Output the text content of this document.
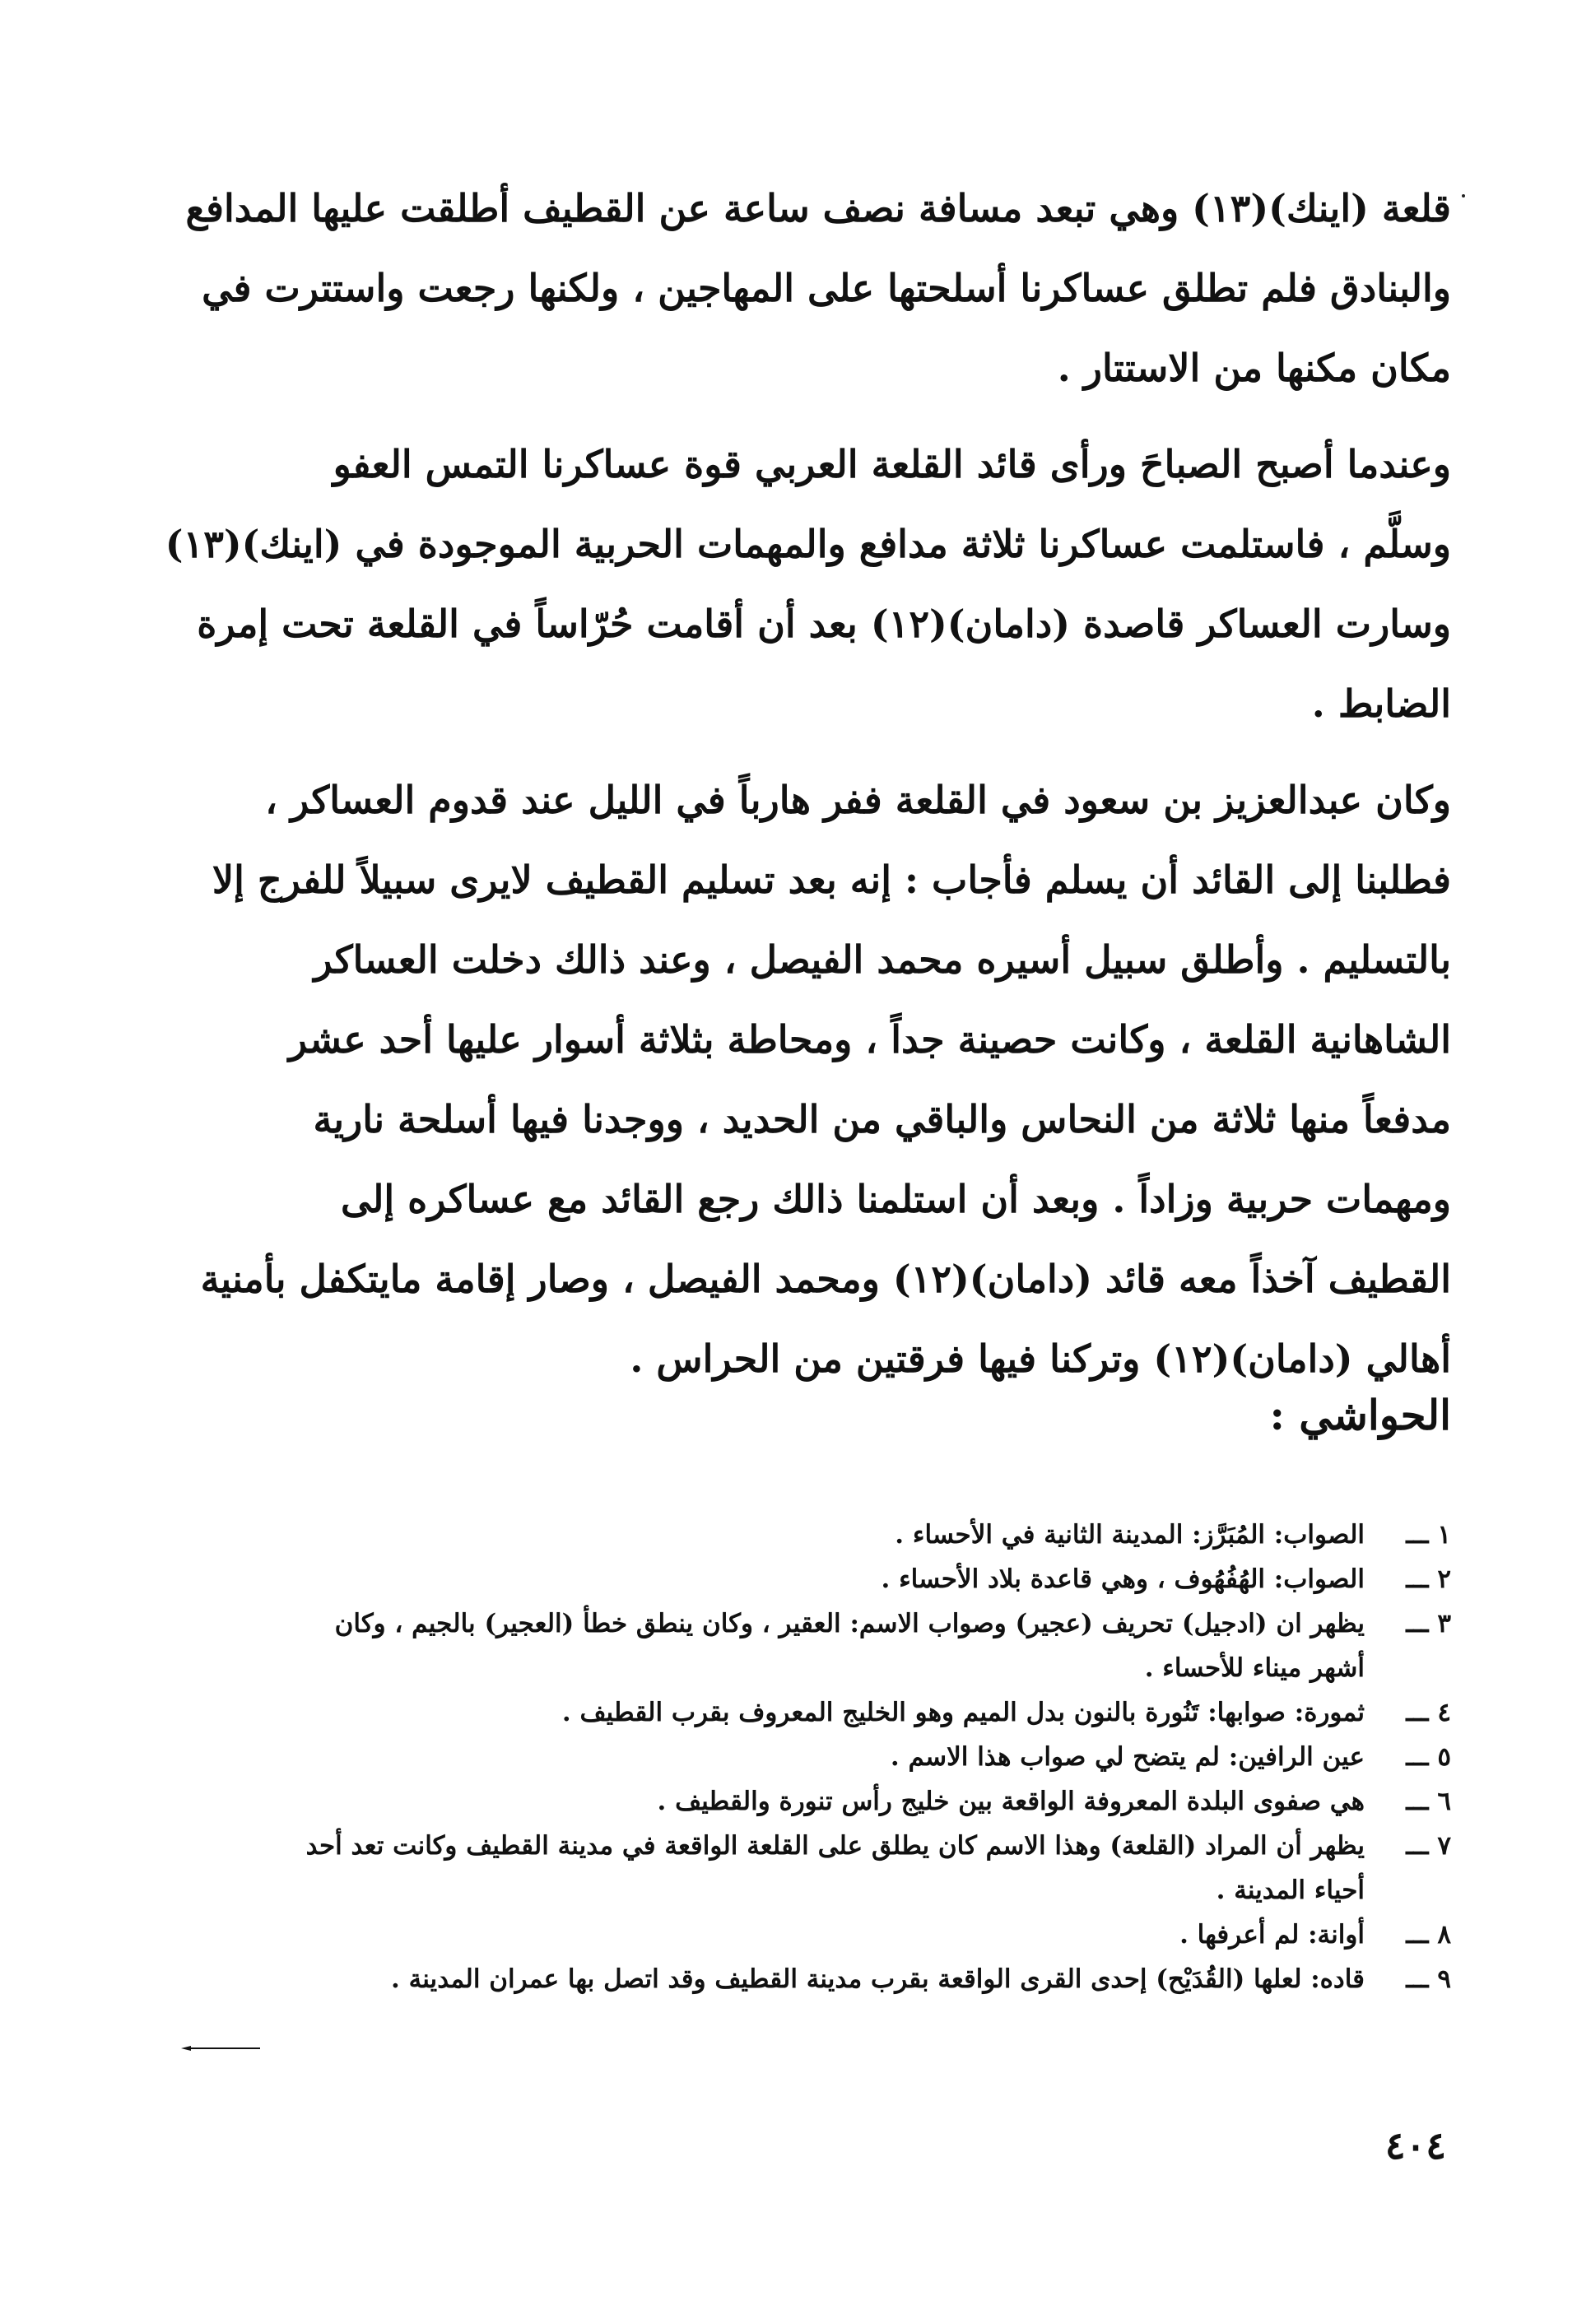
قلعة (اينك)(١٣) وهي تبعد مسافة نصف ساعة عن القطيف أطلقت عليها المدافع
والبنادق فلم تطلق عساكرنا أسلحتها على المهاجين ، ولكنها رجعت واستترت في
مكان مكنها من الاستتار .

وعندما أصبح الصباحَ ورأى قائد القلعة العربي قوة عساكرنا التمس العفو
وسلَّم ، فاستلمت عساكرنا ثلاثة مدافع والمهمات الحربية الموجودة في (اينك)(١٣)
وسارت العساكر قاصدة (دامان)(١٢) بعد أن أقامت حُرّاساً في القلعة تحت إمرة
الضابط .

وكان عبدالعزيز بن سعود في القلعة ففر هارباً في الليل عند قدوم العساكر ،
فطلبنا إلى القائد أن يسلم فأجاب : إنه بعد تسليم القطيف لايرى سبيلاً للفرج إلا
بالتسليم . وأطلق سبيل أسيره محمد الفيصل ، وعند ذالك دخلت العساكر
الشاهانية القلعة ، وكانت حصينة جداً ، ومحاطة بثلاثة أسوار عليها أحد عشر
مدفعاً منها ثلاثة من النحاس والباقي من الحديد ، ووجدنا فيها أسلحة نارية
ومهمات حربية وزاداً . وبعد أن استلمنا ذالك رجع القائد مع عساكره إلى
القطيف آخذاً معه قائد (دامان)(١٢) ومحمد الفيصل ، وصار إقامة مايتكفل بأمنية
أهالي (دامان)(١٢) وتركنا فيها فرقتين من الحراس .

الحواشي :
١ ـــ
الصواب: المُبَرَّز: المدينة الثانية في الأحساء .
٢ ـــ
الصواب: الهُفُهُوف ، وهي قاعدة بلاد الأحساء .
٣ ـــ
يظهر ان (ادجيل) تحريف (عجير) وصواب الاسم: العقير ، وكان ينطق خطأ (العجير) بالجيم ، وكان
أشهر ميناء للأحساء .
٤ ـــ
ثمورة: صوابها: تَنُورة بالنون بدل الميم وهو الخليج المعروف بقرب القطيف .
٥ ـــ
عين الرافين: لم يتضح لي صواب هذا الاسم .
٦ ـــ
هي صفوى البلدة المعروفة الواقعة بين خليج رأس تنورة والقطيف .
٧ ـــ
يظهر أن المراد (القلعة) وهذا الاسم كان يطلق على القلعة الواقعة في مدينة القطيف وكانت تعد أحد
أحياء المدينة .
٨ ـــ
أوانة: لم أعرفها .
٩ ـــ
قاده: لعلها (القُدَيْح) إحدى القرى الواقعة بقرب مدينة القطيف وقد اتصل بها عمران المدينة .
٤٠٤
